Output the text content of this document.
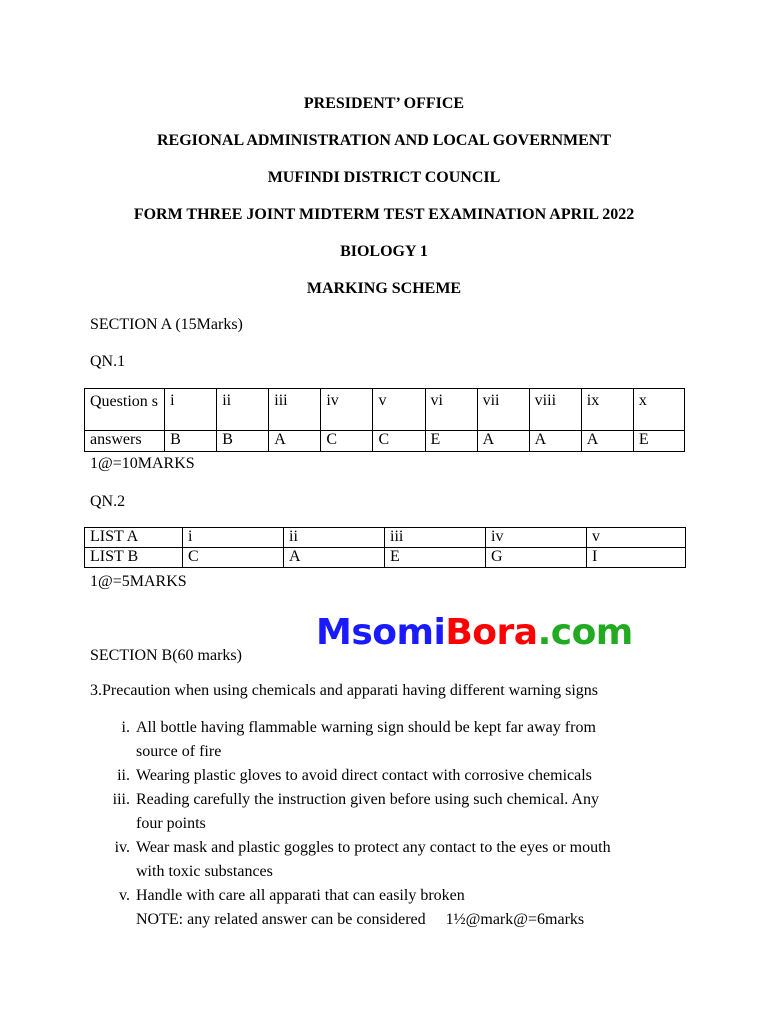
PRESIDENT’ OFFICE
REGIONAL ADMINISTRATION AND LOCAL GOVERNMENT
MUFINDI DISTRICT COUNCIL
FORM THREE JOINT MIDTERM TEST EXAMINATION APRIL 2022
BIOLOGY 1
MARKING SCHEME
SECTION A (15Marks)
QN.1
Question s	i	ii	iii	iv	v	vi	vii	viii	ix	x
answers	B	B	A	C	C	E	A	A	A	E
1@=10MARKS
QN.2
LIST A	i	ii	iii	iv	v
LIST B	C	A	E	G	I
1@=5MARKS
MsomiBora.com
SECTION B(60 marks)
3.Precaution when using chemicals and apparati having different warning signs
i. All bottle having flammable warning sign should be kept far away from
source of fire
ii. Wearing plastic gloves to avoid direct contact with corrosive chemicals
iii. Reading carefully the instruction given before using such chemical. Any
four points
iv. Wear mask and plastic goggles to protect any contact to the eyes or mouth
with toxic substances
v. Handle with care all apparati that can easily broken
NOTE: any related answer can be considered     1½@mark@=6marks
